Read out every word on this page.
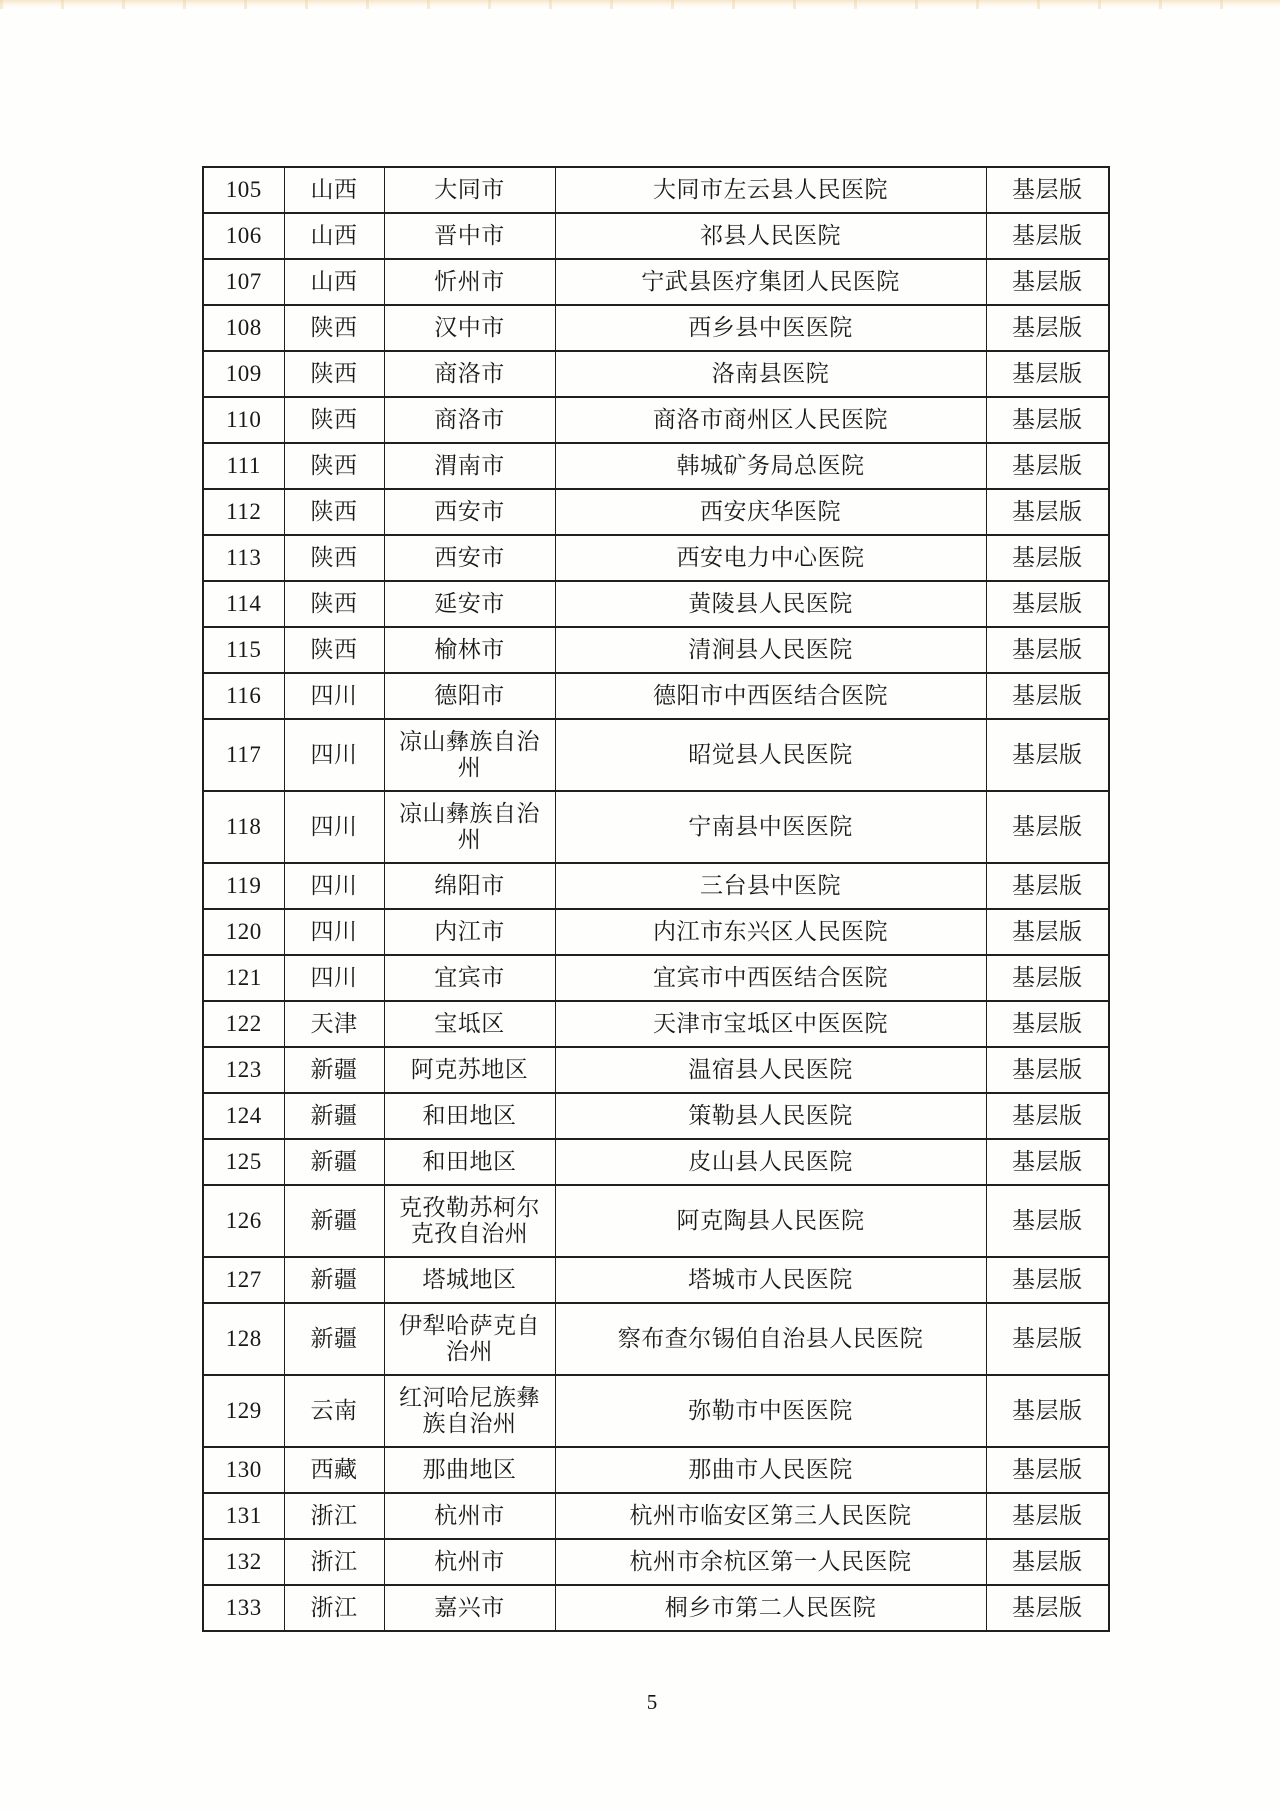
105	山西	大同市	大同市左云县人民医院	基层版
106	山西	晋中市	祁县人民医院	基层版
107	山西	忻州市	宁武县医疗集团人民医院	基层版
108	陕西	汉中市	西乡县中医医院	基层版
109	陕西	商洛市	洛南县医院	基层版
110	陕西	商洛市	商洛市商州区人民医院	基层版
111	陕西	渭南市	韩城矿务局总医院	基层版
112	陕西	西安市	西安庆华医院	基层版
113	陕西	西安市	西安电力中心医院	基层版
114	陕西	延安市	黄陵县人民医院	基层版
115	陕西	榆林市	清涧县人民医院	基层版
116	四川	德阳市	德阳市中西医结合医院	基层版
117	四川	凉山彝族自治州	昭觉县人民医院	基层版
118	四川	凉山彝族自治州	宁南县中医医院	基层版
119	四川	绵阳市	三台县中医院	基层版
120	四川	内江市	内江市东兴区人民医院	基层版
121	四川	宜宾市	宜宾市中西医结合医院	基层版
122	天津	宝坻区	天津市宝坻区中医医院	基层版
123	新疆	阿克苏地区	温宿县人民医院	基层版
124	新疆	和田地区	策勒县人民医院	基层版
125	新疆	和田地区	皮山县人民医院	基层版
126	新疆	克孜勒苏柯尔克孜自治州	阿克陶县人民医院	基层版
127	新疆	塔城地区	塔城市人民医院	基层版
128	新疆	伊犁哈萨克自治州	察布查尔锡伯自治县人民医院	基层版
129	云南	红河哈尼族彝族自治州	弥勒市中医医院	基层版
130	西藏	那曲地区	那曲市人民医院	基层版
131	浙江	杭州市	杭州市临安区第三人民医院	基层版
132	浙江	杭州市	杭州市余杭区第一人民医院	基层版
133	浙江	嘉兴市	桐乡市第二人民医院	基层版
5
